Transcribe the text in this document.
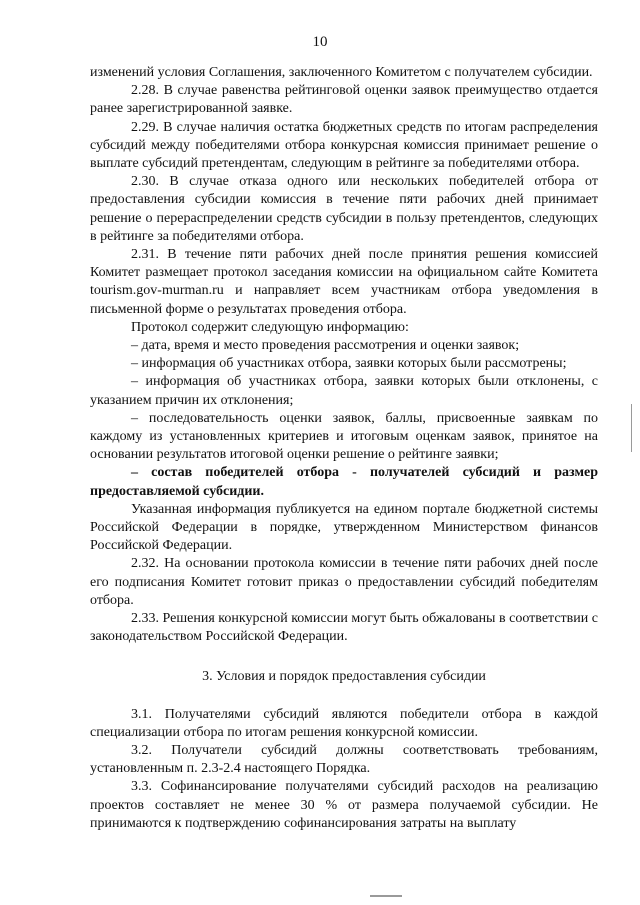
10

изменений условия Соглашения, заключенного Комитетом с получателем субсидии.

2.28. В случае равенства рейтинговой оценки заявок преимущество отдается ранее зарегистрированной заявке.

2.29. В случае наличия остатка бюджетных средств по итогам распределения субсидий между победителями отбора конкурсная комиссия принимает решение о выплате субсидий претендентам, следующим в рейтинге за победителями отбора.

2.30. В случае отказа одного или нескольких победителей отбора от предоставления субсидии комиссия в течение пяти рабочих дней принимает решение о перераспределении средств субсидии в пользу претендентов, следующих в рейтинге за победителями отбора.

2.31. В течение пяти рабочих дней после принятия решения комиссией Комитет размещает протокол заседания комиссии на официальном сайте Комитета tourism.gov-murman.ru и направляет всем участникам отбора уведомления в письменной форме о результатах проведения отбора.

Протокол содержит следующую информацию:

– дата, время и место проведения рассмотрения и оценки заявок;

– информация об участниках отбора, заявки которых были рассмотрены;

– информация об участниках отбора, заявки которых были отклонены, с указанием причин их отклонения;

– последовательность оценки заявок, баллы, присвоенные заявкам по каждому из установленных критериев и итоговым оценкам заявок, принятое на основании результатов итоговой оценки решение о рейтинге заявки;

– состав победителей отбора - получателей субсидий и размер предоставляемой субсидии.

Указанная информация публикуется на едином портале бюджетной системы Российской Федерации в порядке, утвержденном Министерством финансов Российской Федерации.

2.32. На основании протокола комиссии в течение пяти рабочих дней после его подписания Комитет готовит приказ о предоставлении субсидий победителям отбора.

2.33. Решения конкурсной комиссии могут быть обжалованы в соответствии с законодательством Российской Федерации.

3. Условия и порядок предоставления субсидии

3.1. Получателями субсидий являются победители отбора в каждой специализации отбора по итогам решения конкурсной комиссии.

3.2. Получатели субсидий должны соответствовать требованиям, установленным п. 2.3-2.4 настоящего Порядка.

3.3. Софинансирование получателями субсидий расходов на реализацию проектов составляет не менее 30 % от размера получаемой субсидии. Не принимаются к подтверждению софинансирования затраты на выплату
